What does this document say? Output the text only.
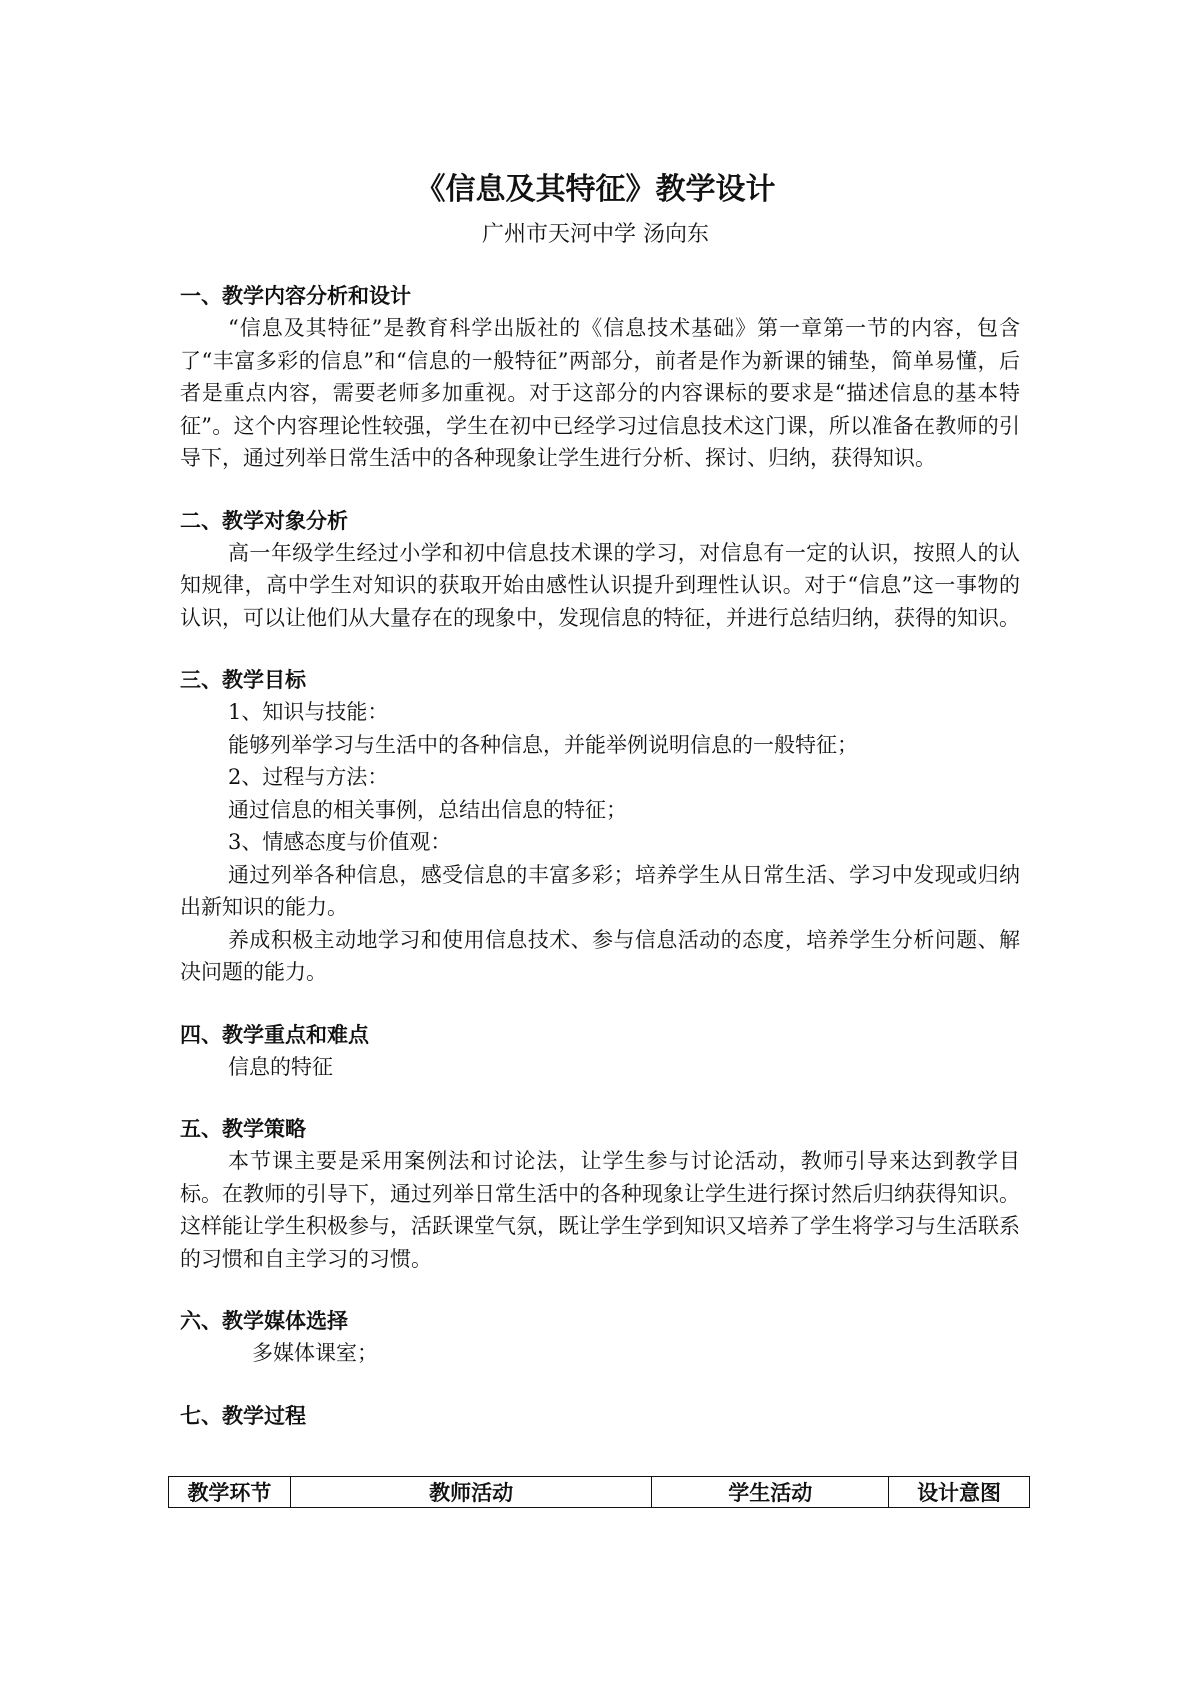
《信息及其特征》教学设计
广州市天河中学 汤向东
一、教学内容分析和设计

“信息及其特征”是教育科学出版社的《信息技术基础》第一章第一节的内容，包含了“丰富多彩的信息”和“信息的一般特征”两部分，前者是作为新课的铺垫，简单易懂，后者是重点内容，需要老师多加重视。对于这部分的内容课标的要求是“描述信息的基本特征”。这个内容理论性较强，学生在初中已经学习过信息技术这门课，所以准备在教师的引导下，通过列举日常生活中的各种现象让学生进行分析、探讨、归纳，获得知识。

二、教学对象分析

高一年级学生经过小学和初中信息技术课的学习，对信息有一定的认识，按照人的认知规律，高中学生对知识的获取开始由感性认识提升到理性认识。对于“信息”这一事物的认识，可以让他们从大量存在的现象中，发现信息的特征，并进行总结归纳，获得的知识。

三、教学目标
1、知识与技能：
能够列举学习与生活中的各种信息，并能举例说明信息的一般特征；
2、过程与方法：
通过信息的相关事例，总结出信息的特征；
3、情感态度与价值观：

通过列举各种信息，感受信息的丰富多彩；培养学生从日常生活、学习中发现或归纳出新知识的能力。

养成积极主动地学习和使用信息技术、参与信息活动的态度，培养学生分析问题、解决问题的能力。

四、教学重点和难点
信息的特征
五、教学策略

本节课主要是采用案例法和讨论法，让学生参与讨论活动，教师引导来达到教学目标。在教师的引导下，通过列举日常生活中的各种现象让学生进行探讨然后归纳获得知识。这样能让学生积极参与，活跃课堂气氛，既让学生学到知识又培养了学生将学习与生活联系的习惯和自主学习的习惯。

六、教学媒体选择
多媒体课室；
七、教学过程
教学环节	教师活动	学生活动	设计意图
